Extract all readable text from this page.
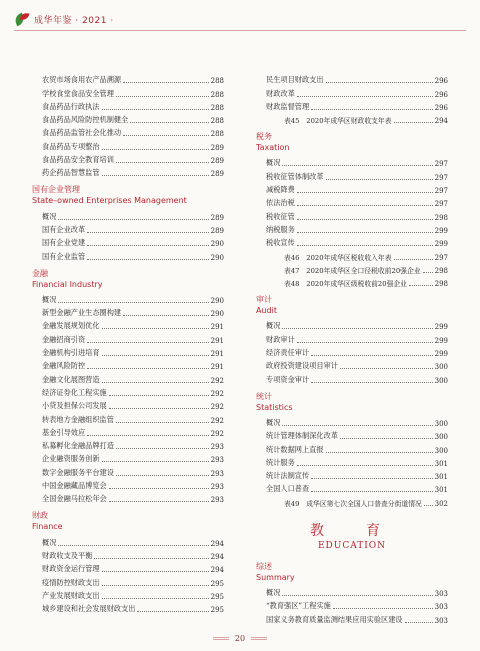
成华年鉴 · 2021 ·
农贸市场食用农产品溯源	288
学校食堂食品安全管理	288
食品药品行政执法	288
食品药品风险防控机制健全	288
食品药品监管社会化推动	288
食品药品专项整治	289
食品药品安全教育培训	289
药企药品智慧监管	289
国有企业管理
State–owned Enterprises Management
概况	289
国有企业改革	289
国有企业党建	290
国有企业监管	290
金融
Financial Industry
概况	290
新型金融产业生态圈构建	290
金融发展规划优化	291
金融招商引资	291
金融机构引进培育	291
金融风险防控	291
金融文化展图营造	292
经济证券化工程实施	292
小贷及担保公司发展	292
转表地方金融组织监管	292
基金引导效应	292
私募孵化金融品牌打造	293
企业融资服务创新	293
数字金融服务平台建设	293
中国金融藏品博览会	293
全国金融马拉松年会	293
财政
Finance
概况	294
财政收支及平衡	294
财政资金运行管理	294
疫情防控财政支出	295
产业发展财政支出	295
城乡建设和社会发展财政支出	295
民生项目财政支出	296
财政改革	296
财政监督管理	296
表45　2020年成华区财政收支年表	294
税务
Taxation
概况	297
税收征管体制改革	297
减税降费	297
依法治税	297
税收征管	298
纳税服务	299
税收宣传	299
表46　2020年成华区税收收入年表	297
表47　2020年成华区全口径税收前20强企业 298
表48　2020年成华区级税收前20强企业	298
审计
Audit
概况	299
财政审计	299
经济责任审计	299
政府投资建设项目审计	300
专项资金审计	300
统计
Statistics
概况	300
统计管理体制深化改革	300
统计数据网上直报	300
统计服务	301
统计法制宣传	301
全国人口普查	301
表49　成华区第七次全国人口普查分街道情况 302
教　育
EDUCATION
综述
Summary
概况	303
“教育强区”工程实施	303
国家义务教育质量监测结果应用实验区建设	303
20
